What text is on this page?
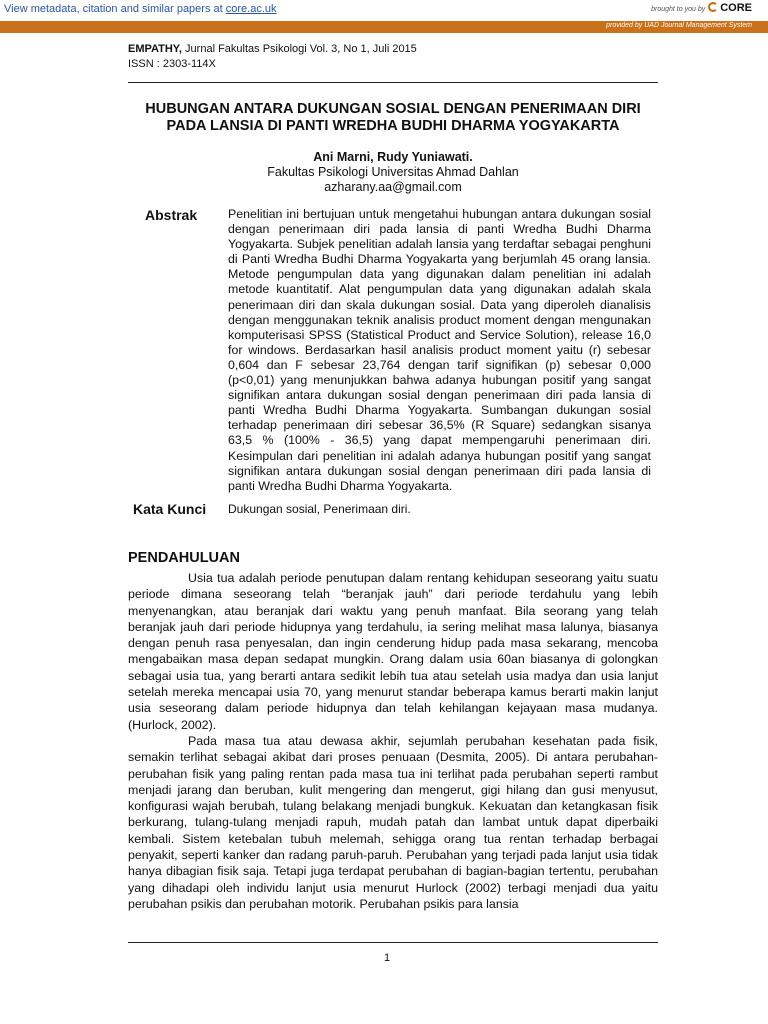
View metadata, citation and similar papers at core.ac.uk	brought to you by CORE
provided by UAD Journal Management System
EMPATHY, Jurnal Fakultas Psikologi Vol. 3, No 1, Juli 2015
ISSN : 2303-114X
HUBUNGAN ANTARA DUKUNGAN SOSIAL DENGAN PENERIMAAN DIRI PADA LANSIA DI PANTI WREDHA BUDHI DHARMA YOGYAKARTA
Ani Marni, Rudy Yuniawati.
Fakultas Psikologi Universitas Ahmad Dahlan
azharany.aa@gmail.com
Abstrak Penelitian ini bertujuan untuk mengetahui hubungan antara dukungan sosial dengan penerimaan diri pada lansia di panti Wredha Budhi Dharma Yogyakarta. Subjek penelitian adalah lansia yang terdaftar sebagai penghuni di Panti Wredha Budhi Dharma Yogyakarta yang berjumlah 45 orang lansia. Metode pengumpulan data yang digunakan dalam penelitian ini adalah metode kuantitatif. Alat pengumpulan data yang digunakan adalah skala penerimaan diri dan skala dukungan sosial. Data yang diperoleh dianalisis dengan menggunakan teknik analisis product moment dengan mengunakan komputerisasi SPSS (Statistical Product and Service Solution), release 16,0 for windows. Berdasarkan hasil analisis product moment yaitu (r) sebesar 0,604 dan F sebesar 23,764 dengan tarif signifikan (p) sebesar 0,000 (p<0,01) yang menunjukkan bahwa adanya hubungan positif yang sangat signifikan antara dukungan sosial dengan penerimaan diri pada lansia di panti Wredha Budhi Dharma Yogyakarta. Sumbangan dukungan sosial terhadap penerimaan diri sebesar 36,5% (R Square) sedangkan sisanya 63,5 % (100% - 36,5) yang dapat mempengaruhi penerimaan diri. Kesimpulan dari penelitian ini adalah adanya hubungan positif yang sangat signifikan antara dukungan sosial dengan penerimaan diri pada lansia di panti Wredha Budhi Dharma Yogyakarta.

Kata Kunci Dukungan sosial, Penerimaan diri.
PENDAHULUAN

Usia tua adalah periode penutupan dalam rentang kehidupan seseorang yaitu suatu periode dimana seseorang telah “beranjak jauh” dari periode terdahulu yang lebih menyenangkan, atau beranjak dari waktu yang penuh manfaat. Bila seorang yang telah beranjak jauh dari periode hidupnya yang terdahulu, ia sering melihat masa lalunya, biasanya dengan penuh rasa penyesalan, dan ingin cenderung hidup pada masa sekarang, mencoba mengabaikan masa depan sedapat mungkin. Orang dalam usia 60an biasanya di golongkan sebagai usia tua, yang berarti antara sedikit lebih tua atau setelah usia madya dan usia lanjut setelah mereka mencapai usia 70, yang menurut standar beberapa kamus berarti makin lanjut usia seseorang dalam periode hidupnya dan telah kehilangan kejayaan masa mudanya. (Hurlock, 2002).

Pada masa tua atau dewasa akhir, sejumlah perubahan kesehatan pada fisik, semakin terlihat sebagai akibat dari proses penuaan (Desmita, 2005). Di antara perubahan-perubahan fisik yang paling rentan pada masa tua ini terlihat pada perubahan seperti rambut menjadi jarang dan beruban, kulit mengering dan mengerut, gigi hilang dan gusi menyusut, konfigurasi wajah berubah, tulang belakang menjadi bungkuk. Kekuatan dan ketangkasan fisik berkurang, tulang-tulang menjadi rapuh, mudah patah dan lambat untuk dapat diperbaiki kembali. Sistem ketebalan tubuh melemah, sehigga orang tua rentan terhadap berbagai penyakit, seperti kanker dan radang paruh-paruh. Perubahan yang terjadi pada lanjut usia tidak hanya dibagian fisik saja. Tetapi juga terdapat perubahan di bagian-bagian tertentu, perubahan yang dihadapi oleh individu lanjut usia menurut Hurlock (2002) terbagi menjadi dua yaitu perubahan psikis dan perubahan motorik. Perubahan psikis para lansia

1
